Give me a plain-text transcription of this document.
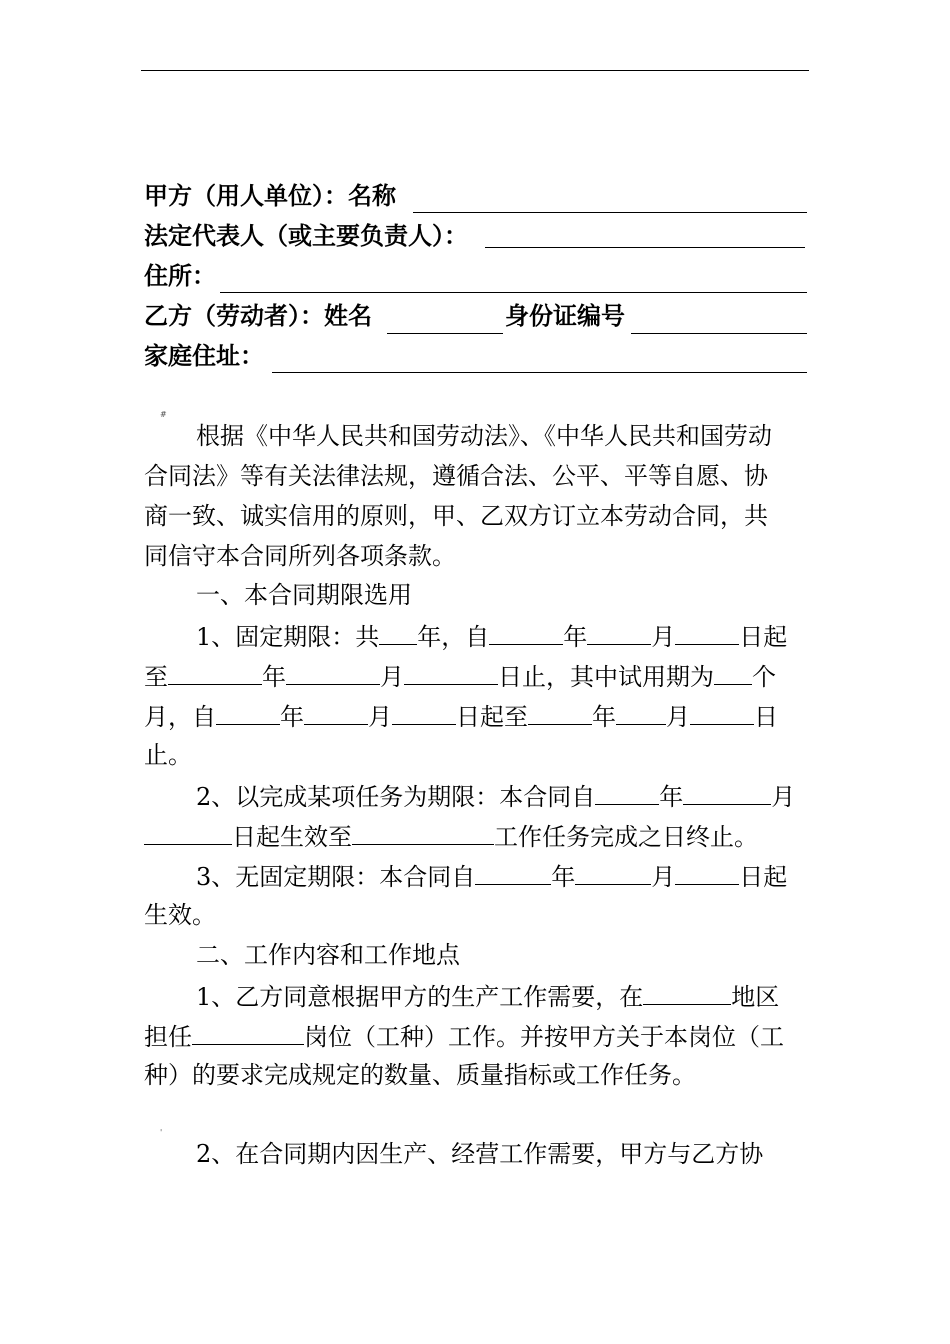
甲方（用人单位）：名称
法定代表人（或主要负责人）：
住所：
乙方（劳动者）：姓名	身份证编号
家庭住址：
#
根据《中华人民共和国劳动法》、《中华人民共和国劳动
合同法》等有关法律法规，遵循合法、公平、平等自愿、协
商一致、诚实信用的原则，甲、乙双方订立本劳动合同，共
同信守本合同所列各项条款。
一、本合同期限选用
1、固定期限：共 年，自	年	月	日起
至	年	月	日止，其中试用期为 个
月，自	年	月	日起至	年 月	日
止。
2、以完成某项任务为期限：本合同自	年	月
日起生效至	工作任务完成之日终止。
3、无固定期限：本合同自	年	月	日起
生效。
二、工作内容和工作地点
1、乙方同意根据甲方的生产工作需要，在	地区
担任	岗位（工种）工作。并按甲方关于本岗位（工
种）的要求完成规定的数量、质量指标或工作任务。
'
2、在合同期内因生产、经营工作需要，甲方与乙方协
